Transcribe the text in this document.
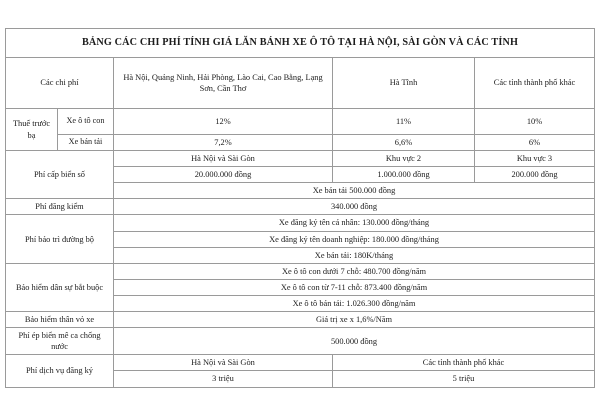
BẢNG CÁC CHI PHÍ TÍNH GIÁ LĂN BÁNH XE Ô TÔ TẠI HÀ NỘI, SÀI GÒN VÀ CÁC TỈNH				
Các chi phí		Hà Nội, Quảng Ninh, Hải Phòng, Lào Cai, Cao Bằng, Lạng Sơn, Cần Thơ	Hà Tĩnh	Các tỉnh thành phố khác
Thuế trước bạ	Xe ô tô con	12%	11%	10%
	Xe bán tải	7,2%	6,6%	6%
Phí cấp biển số		Hà Nội và Sài Gòn	Khu vực 2	Khu vực 3
		20.000.000 đồng	1.000.000 đồng	200.000 đồng
		Xe bán tải 500.000 đồng		
Phí đăng kiểm		340.000 đồng		
Phí bảo trì đường bộ		Xe đăng ký tên cá nhân: 130.000 đồng/tháng		
		Xe đăng ký tên doanh nghiệp: 180.000 đồng/tháng		
		Xe bán tải: 180K/tháng		
Bảo hiểm dân sự bắt buộc		Xe ô tô con dưới 7 chỗ: 480.700 đồng/năm		
		Xe ô tô con từ 7-11 chỗ: 873.400 đồng/năm		
		Xe ô tô bán tải: 1.026.300 đồng/năm		
Bảo hiểm thân vỏ xe		Giá trị xe x 1,6%/Năm		
Phí ép biển mê ca chống nước		500.000 đồng		
Phí dịch vụ đăng ký		Hà Nội và Sài Gòn	Các tỉnh thành phố khác	
		3 triệu	5 triệu	
